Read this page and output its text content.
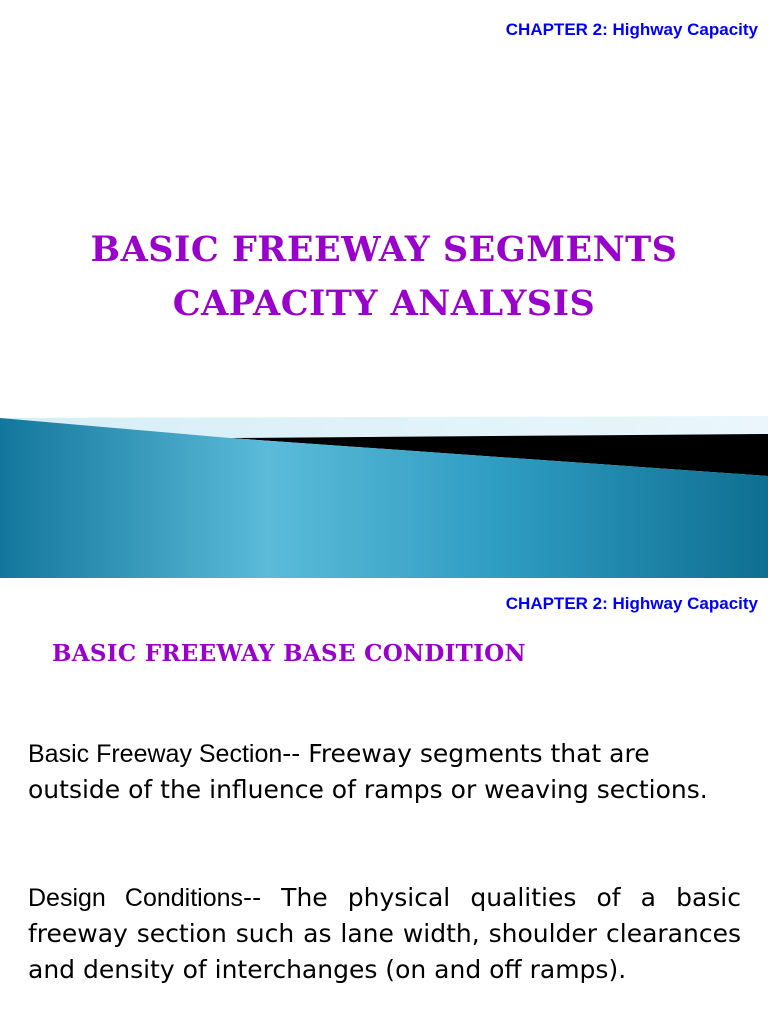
CHAPTER 2: Highway Capacity
BASIC FREEWAY SEGMENTS
CAPACITY ANALYSIS
CHAPTER 2: Highway Capacity
BASIC FREEWAY BASE CONDITION

Basic Freeway Section-- Freeway segments that are outside of the influence of ramps or weaving sections.

Design Conditions-- The physical qualities of a basic freeway section such as lane width, shoulder clearances and density of interchanges (on and off ramps).
